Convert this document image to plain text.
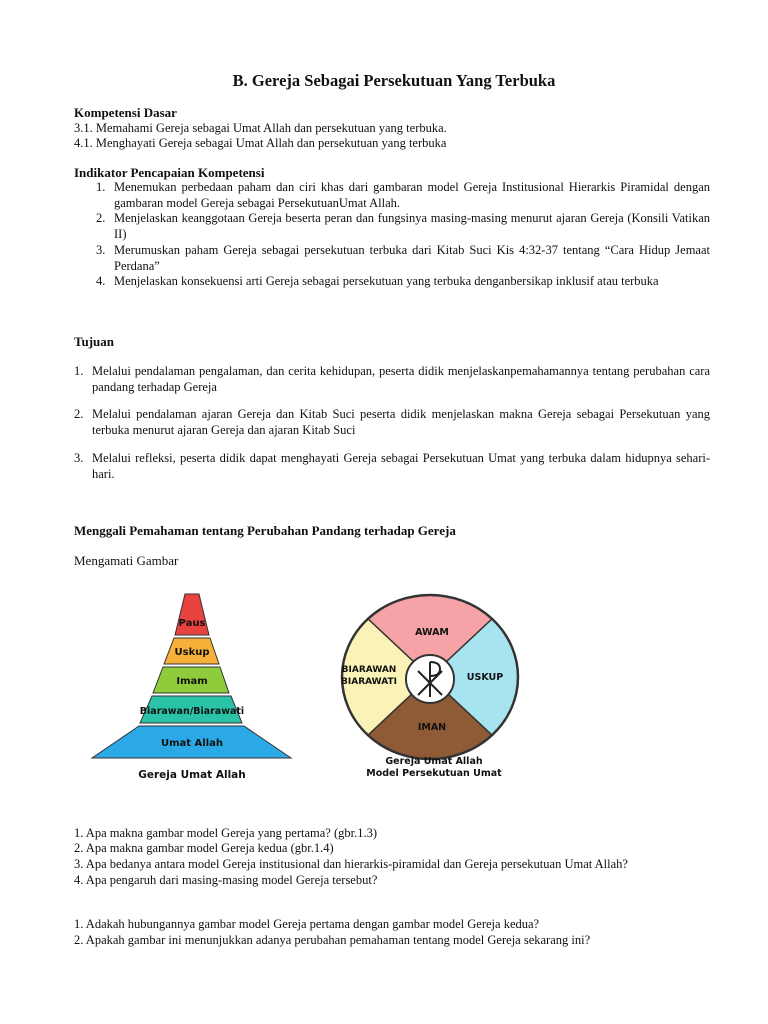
B. Gereja Sebagai Persekutuan Yang Terbuka
Kompetensi Dasar
3.1. Memahami Gereja sebagai Umat Allah dan persekutuan yang terbuka.
4.1. Menghayati Gereja sebagai Umat Allah dan persekutuan yang terbuka
Indikator Pencapaian Kompetensi
1. Menemukan perbedaan paham dan ciri khas dari gambaran model Gereja Institusional Hierarkis Piramidal dengan gambaran model Gereja sebagai PersekutuanUmat Allah.
2. Menjelaskan keanggotaan Gereja beserta peran dan fungsinya masing-masing menurut ajaran Gereja (Konsili Vatikan II)
3. Merumuskan paham Gereja sebagai persekutuan terbuka dari Kitab Suci Kis 4:32-37 tentang “Cara Hidup Jemaat Perdana”
4. Menjelaskan konsekuensi arti Gereja sebagai persekutuan yang terbuka denganbersikap inklusif atau terbuka
Tujuan
1. Melalui pendalaman pengalaman, dan cerita kehidupan, peserta didik menjelaskanpemahamannya tentang perubahan cara pandang terhadap Gereja
2. Melalui pendalaman ajaran Gereja dan Kitab Suci peserta didik menjelaskan makna Gereja sebagai Persekutuan yang terbuka menurut ajaran Gereja dan ajaran Kitab Suci
3. Melalui refleksi, peserta didik dapat menghayati Gereja sebagai Persekutuan Umat yang terbuka dalam hidupnya sehari-hari.
Menggali Pemahaman tentang Perubahan Pandang terhadap Gereja
Mengamati Gambar
Paus
Uskup
Imam
Biarawan/Biarawati
Umat Allah
Gereja Umat Allah
AWAM
BIARAWAN
BIARAWATI	USKUP
IMAN
Gereja Umat Allah
Model Persekutuan Umat
1. Apa makna gambar model Gereja yang pertama? (gbr.1.3)
2. Apa makna gambar model Gereja kedua (gbr.1.4)
3. Apa bedanya antara model Gereja institusional dan hierarkis-piramidal dan Gereja persekutuan Umat Allah?
4. Apa pengaruh dari masing-masing model Gereja tersebut?
1. Adakah hubungannya gambar model Gereja pertama dengan gambar model Gereja kedua?
2. Apakah gambar ini menunjukkan adanya perubahan pemahaman tentang model Gereja sekarang ini?
